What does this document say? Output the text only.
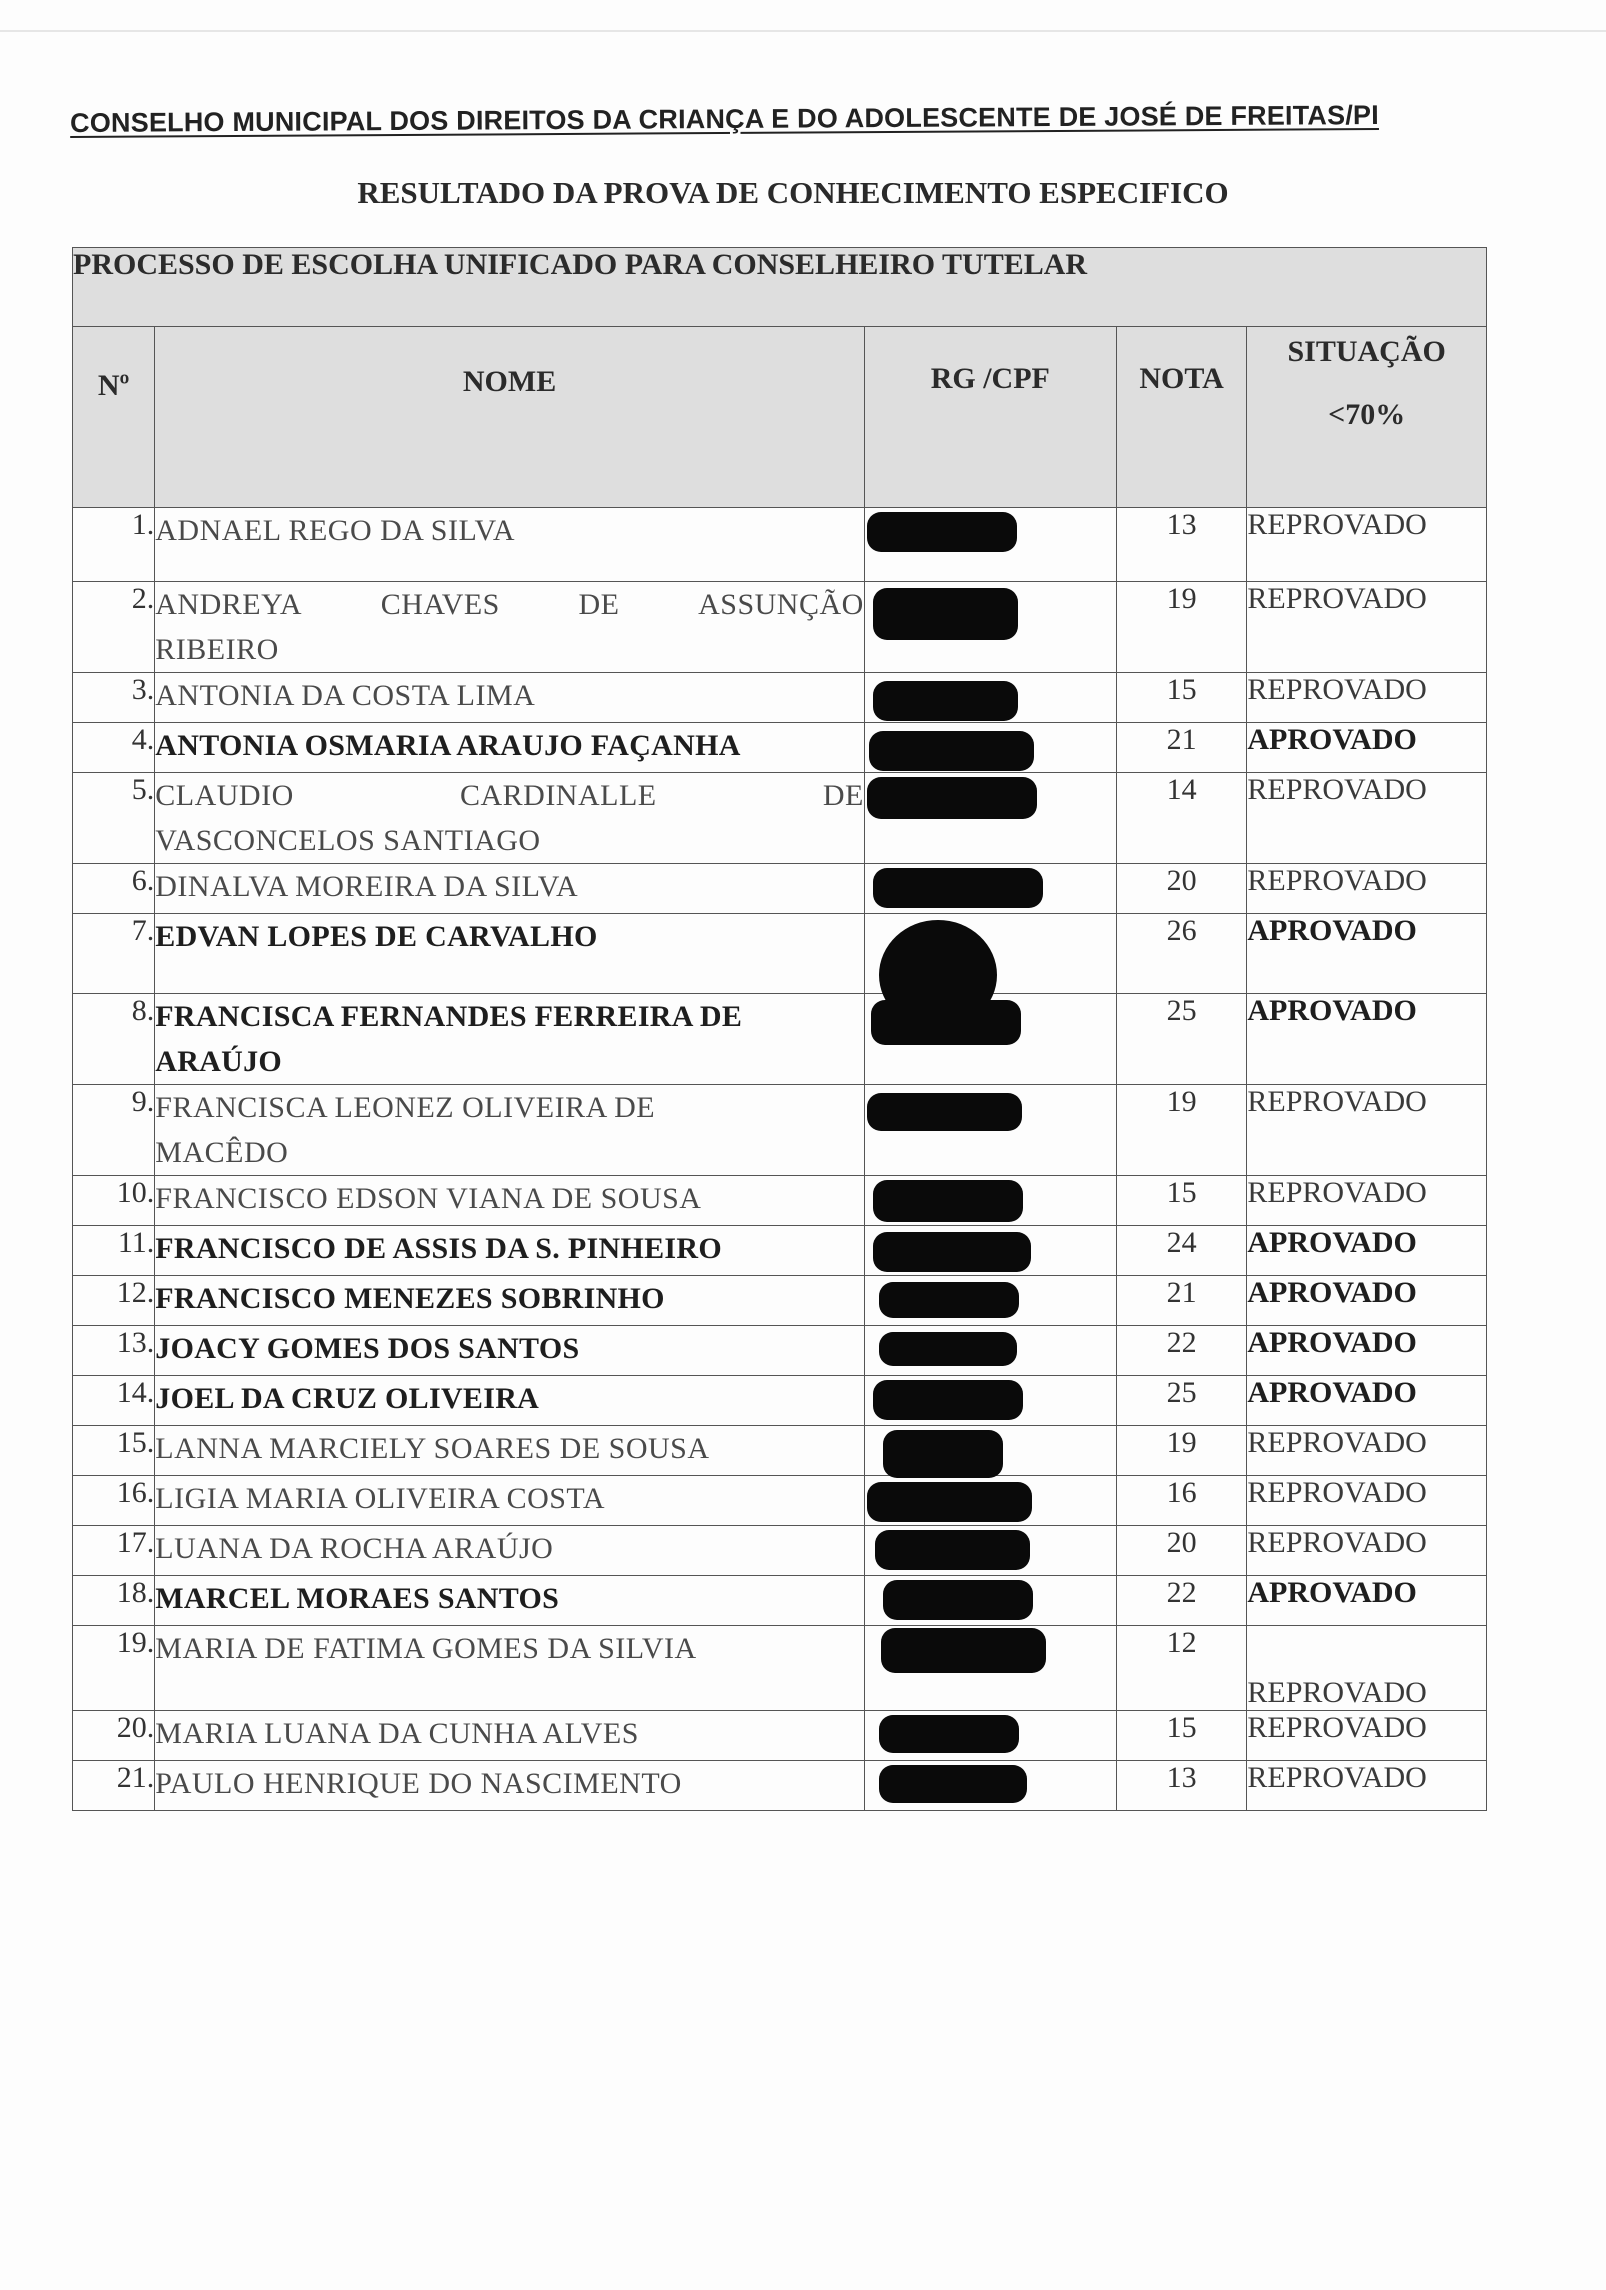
CONSELHO MUNICIPAL DOS DIREITOS DA CRIANÇA E DO ADOLESCENTE DE JOSÉ DE FREITAS/PI
RESULTADO DA PROVA DE CONHECIMENTO ESPECIFICO
PROCESSO DE ESCOLHA UNIFICADO PARA CONSELHEIRO TUTELAR				
Nº	NOME	RG /CPF	NOTA	SITUAÇÃO
<70%

1.	ADNAEL REGO DA SILVA		13	REPROVADO
2.	ANDREYA CHAVES DE ASSUNÇÃO
RIBEIRO		19	REPROVADO
3.	ANTONIA DA COSTA LIMA		15	REPROVADO
4.	ANTONIA OSMARIA ARAUJO FAÇANHA		21	APROVADO
5.	CLAUDIO CARDINALLE DE
VASCONCELOS SANTIAGO		14	REPROVADO
6.	DINALVA MOREIRA DA SILVA		20	REPROVADO
7.	EDVAN LOPES DE CARVALHO		26	APROVADO
8.	FRANCISCA FERNANDES FERREIRA DE
ARAÚJO		25	APROVADO
9.	FRANCISCA LEONEZ OLIVEIRA DE
MACÊDO		19	REPROVADO
10.	FRANCISCO EDSON VIANA DE SOUSA		15	REPROVADO
11.	FRANCISCO DE ASSIS DA S. PINHEIRO		24	APROVADO
12.	FRANCISCO MENEZES SOBRINHO		21	APROVADO
13.	JOACY GOMES DOS SANTOS		22	APROVADO
14.	JOEL DA CRUZ OLIVEIRA		25	APROVADO
15.	LANNA MARCIELY SOARES DE SOUSA		19	REPROVADO
16.	LIGIA MARIA OLIVEIRA COSTA		16	REPROVADO
17.	LUANA DA ROCHA ARAÚJO		20	REPROVADO
18.	MARCEL MORAES SANTOS		22	APROVADO
19.	MARIA DE FATIMA GOMES DA SILVIA		12	REPROVADO
20.	MARIA LUANA DA CUNHA ALVES		15	REPROVADO
21.	PAULO HENRIQUE DO NASCIMENTO		13	REPROVADO
